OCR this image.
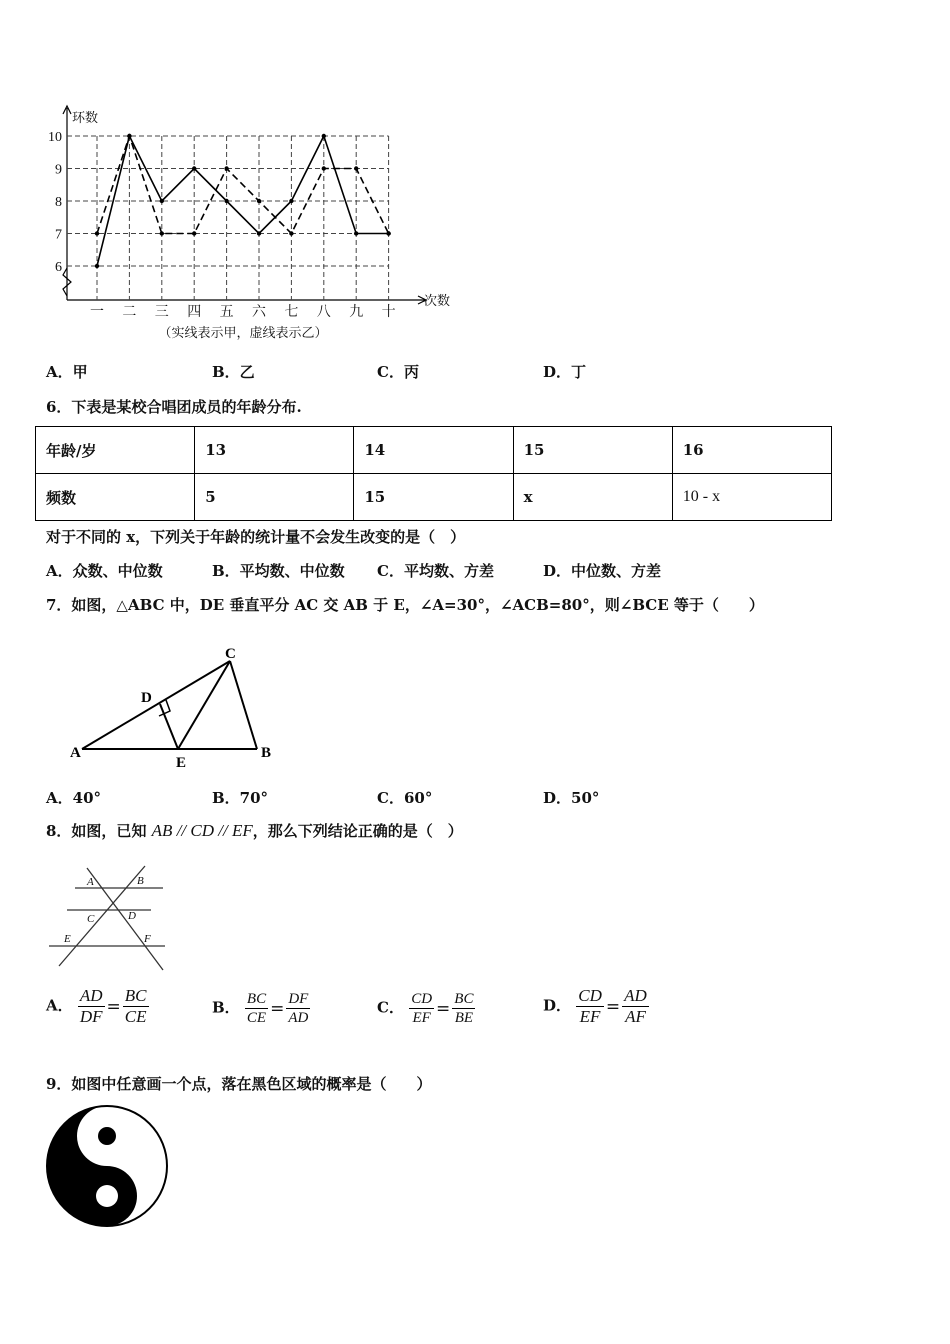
6
7
8
9
10
一 二 三 四 五 六 七 八 九 十
环数
次数
（实线表示甲，虚线表示乙）
A．甲	B．乙	C．丙	D．丁
6．下表是某校合唱团成员的年龄分布.
年龄/岁	13	14	15	16
频数	5	15	x	10 - x
对于不同的 x，下列关于年龄的统计量不会发生改变的是（　）
A．众数、中位数	B．平均数、中位数 C．平均数、方差	D．中位数、方差
7．如图，△ABC 中，DE 垂直平分 AC 交 AB 于 E，∠A=30°，∠ACB=80°，则∠BCE 等于（　　）
A	B
C
D
E
A．40°	B．70°	C．60°	D．50°
8．如图，已知 AB // CD // EF，那么下列结论正确的是（　）
A	B
C	D
E	F
A． $\frac{AD}{DF} = \frac{BC}{CE}$	B． $\frac{BC}{CE} = \frac{DF}{AD}$	C． $\frac{CD}{EF} = \frac{BC}{BE}$	D． $\frac{CD}{EF} = \frac{AD}{AF}$
9．如图中任意画一个点，落在黑色区域的概率是（　　）
